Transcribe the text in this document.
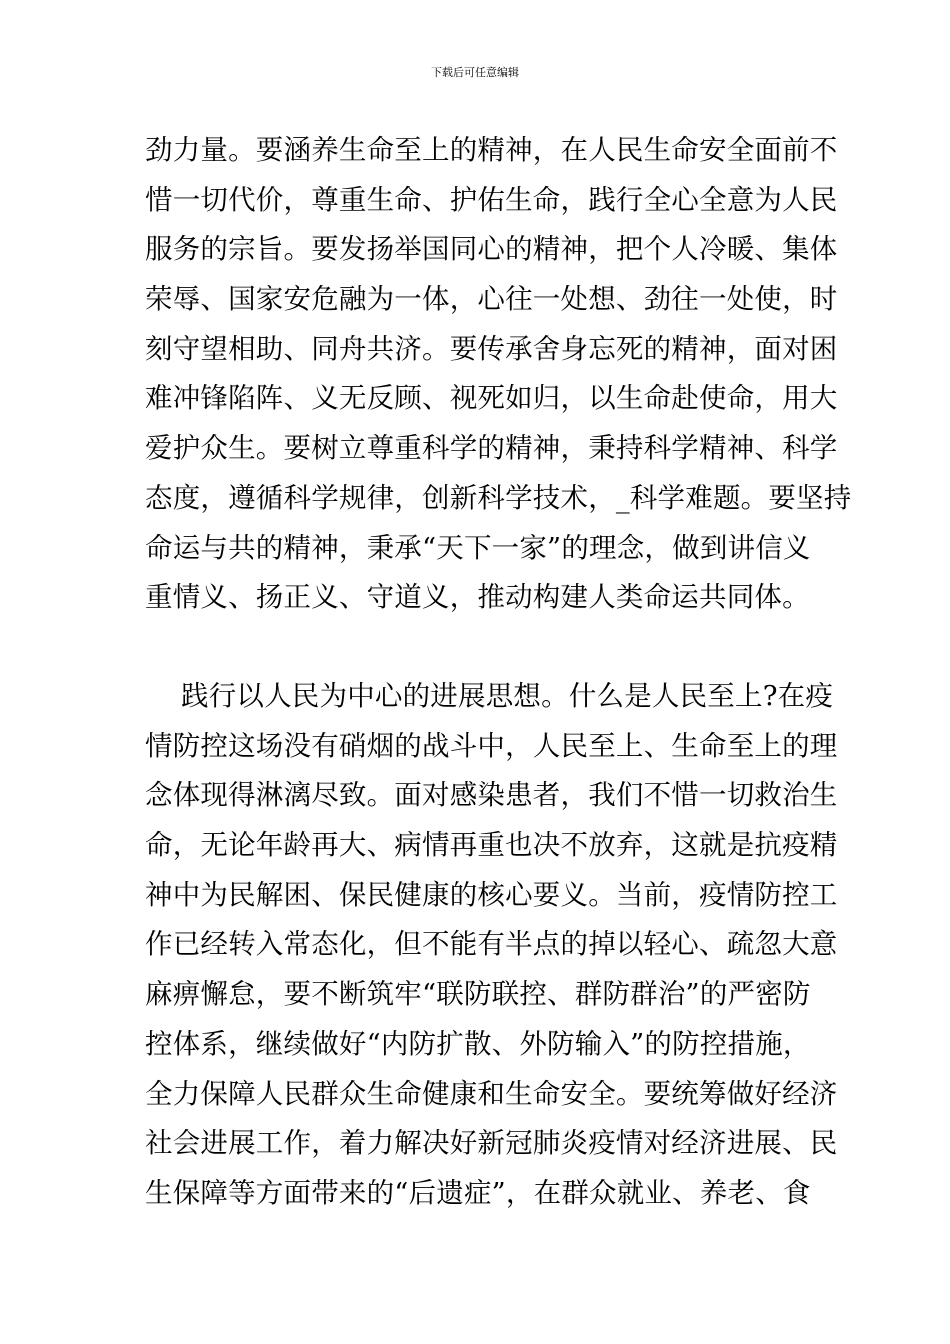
下载后可任意编辑
劲力量。要涵养生命至上的精神，在人民生命安全面前不
惜一切代价，尊重生命、护佑生命，践行全心全意为人民
服务的宗旨。要发扬举国同心的精神，把个人冷暖、集体
荣辱、国家安危融为一体，心往一处想、劲往一处使，时
刻守望相助、同舟共济。要传承舍身忘死的精神，面对困
难冲锋陷阵、义无反顾、视死如归，以生命赴使命，用大
爱护众生。要树立尊重科学的精神，秉持科学精神、科学
态度，遵循科学规律，创新科学技术，_科学难题。要坚持
命运与共的精神，秉承“天下一家”的理念，做到讲信义
重情义、扬正义、守道义，推动构建人类命运共同体。
践行以人民为中心的进展思想。什么是人民至上?在疫
情防控这场没有硝烟的战斗中，人民至上、生命至上的理
念体现得淋漓尽致。面对感染患者，我们不惜一切救治生
命，无论年龄再大、病情再重也决不放弃，这就是抗疫精
神中为民解困、保民健康的核心要义。当前，疫情防控工
作已经转入常态化，但不能有半点的掉以轻心、疏忽大意
麻痹懈怠，要不断筑牢“联防联控、群防群治”的严密防
控体系，继续做好“内防扩散、外防输入”的防控措施，
全力保障人民群众生命健康和生命安全。要统筹做好经济
社会进展工作，着力解决好新冠肺炎疫情对经济进展、民
生保障等方面带来的“后遗症”，在群众就业、养老、食
